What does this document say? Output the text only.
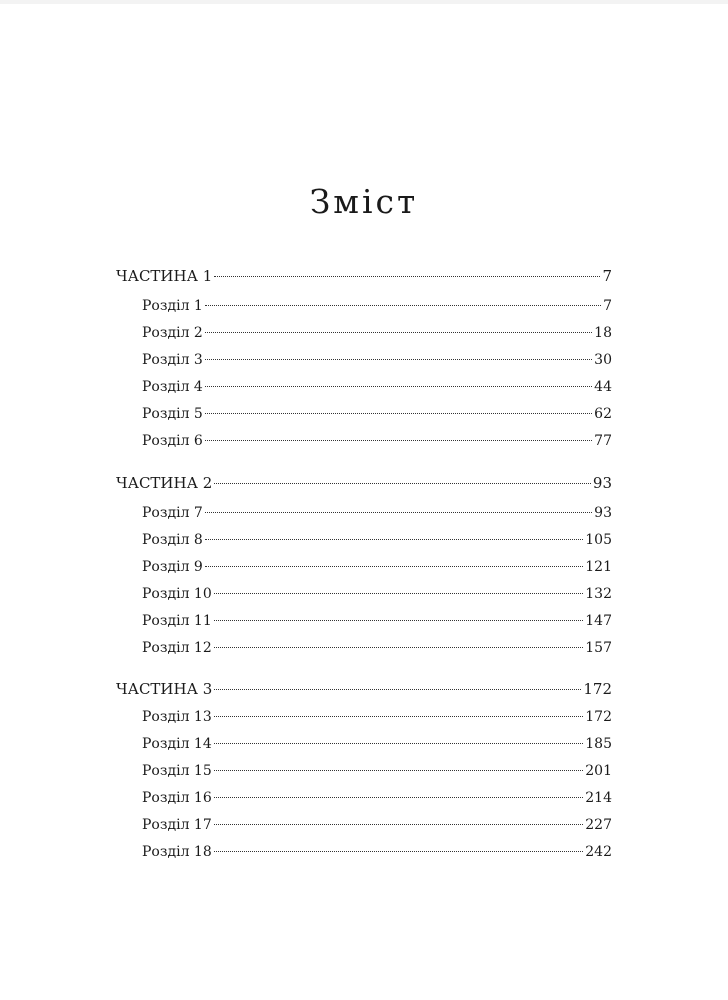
Зміст
ЧАСТИНА 1	7
Розділ 1	7
Розділ 2	18
Розділ 3	30
Розділ 4	44
Розділ 5	62
Розділ 6	77
ЧАСТИНА 2	93
Розділ 7	93
Розділ 8	105
Розділ 9	121
Розділ 10	132
Розділ 11	147
Розділ 12	157
ЧАСТИНА 3	172
Розділ 13	172
Розділ 14	185
Розділ 15	201
Розділ 16	214
Розділ 17	227
Розділ 18	242
